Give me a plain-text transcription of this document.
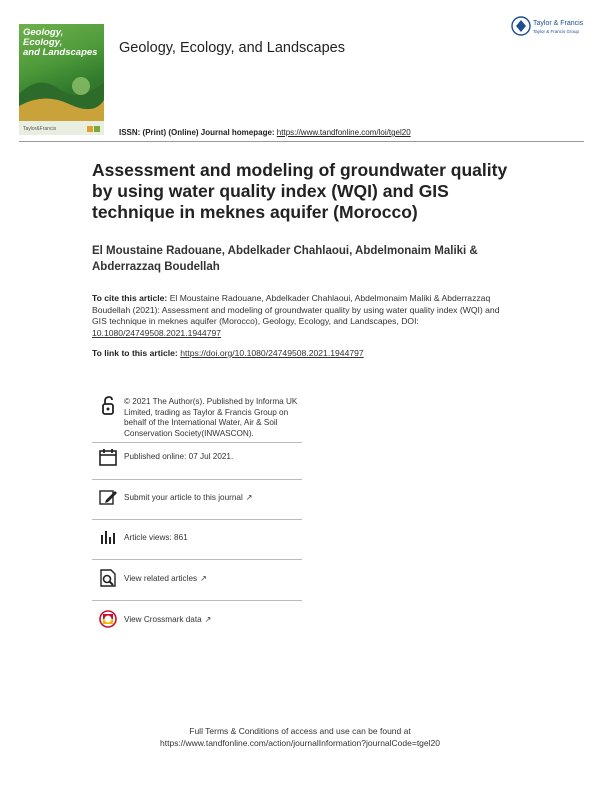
Geology, Ecology,
and Landscapes
Taylor&Francis
Geology, Ecology, and Landscapes
Taylor & Francis
Taylor & Francis Group
ISSN: (Print) (Online) Journal homepage: https://www.tandfonline.com/loi/tgel20
Assessment and modeling of groundwater quality by using water quality index (WQI) and GIS technique in meknes aquifer (Morocco)
El Moustaine Radouane, Abdelkader Chahlaoui, Abdelmonaim Maliki & Abderrazzaq Boudellah
To cite this article: El Moustaine Radouane, Abdelkader Chahlaoui, Abdelmonaim Maliki & Abderrazzaq Boudellah (2021): Assessment and modeling of groundwater quality by using water quality index (WQI) and GIS technique in meknes aquifer (Morocco), Geology, Ecology, and Landscapes, DOI: 10.1080/24749508.2021.1944797
To link to this article: https://doi.org/10.1080/24749508.2021.1944797
© 2021 The Author(s). Published by Informa UK Limited, trading as Taylor & Francis Group on behalf of the International Water, Air & Soil Conservation Society(INWASCON).
Published online: 07 Jul 2021.
Submit your article to this journal ↗
Article views: 861
View related articles ↗
View Crossmark data ↗
Full Terms & Conditions of access and use can be found at
https://www.tandfonline.com/action/journalInformation?journalCode=tgel20
